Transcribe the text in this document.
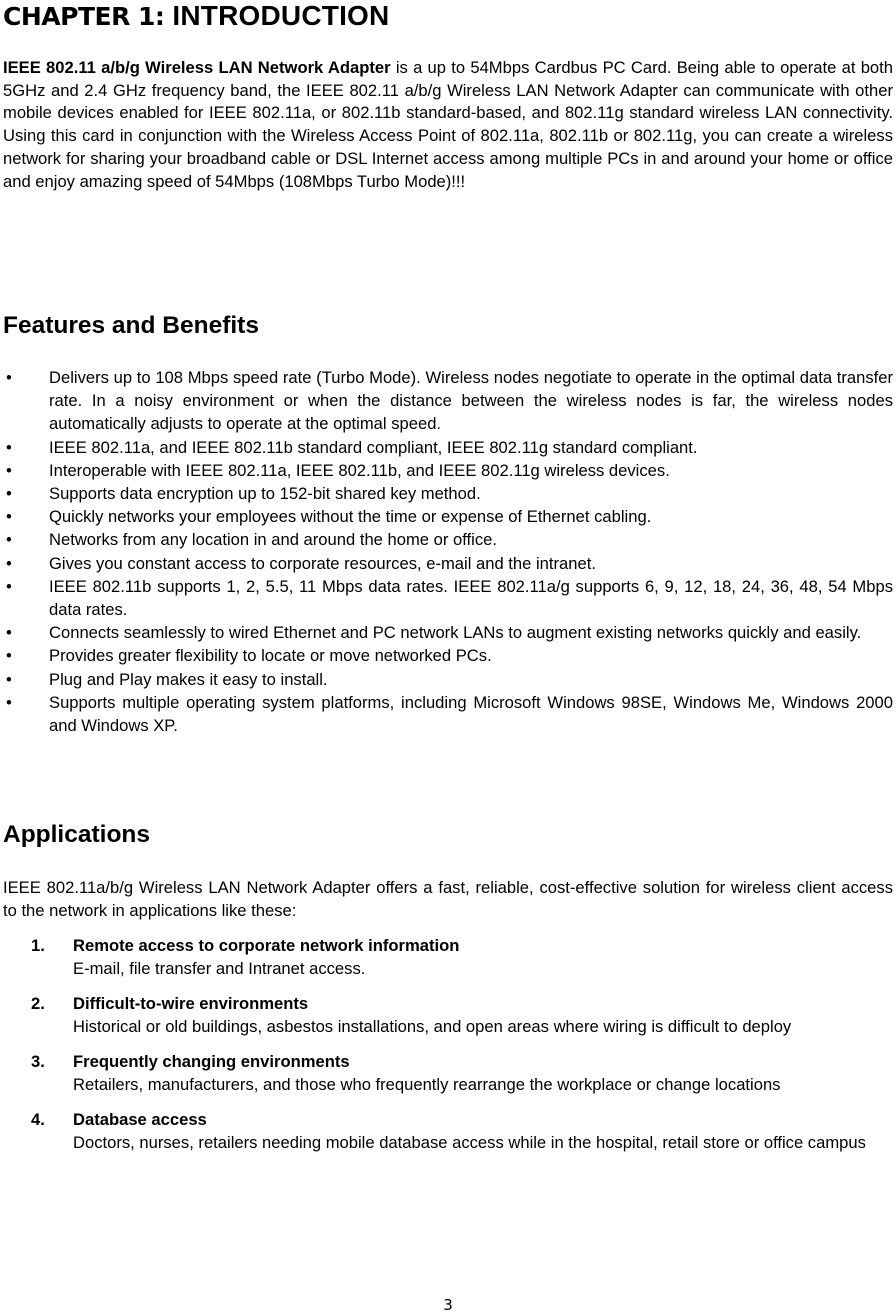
CHAPTER 1: INTRODUCTION

IEEE 802.11 a/b/g Wireless LAN Network Adapter is a up to 54Mbps Cardbus PC Card. Being able to operate at both 5GHz and 2.4 GHz frequency band, the IEEE 802.11 a/b/g Wireless LAN Network Adapter can communicate with other mobile devices enabled for IEEE 802.11a, or 802.11b standard-based, and 802.11g standard wireless LAN connectivity. Using this card in conjunction with the Wireless Access Point of 802.11a, 802.11b or 802.11g, you can create a wireless network for sharing your broadband cable or DSL Internet access among multiple PCs in and around your home or office and enjoy amazing speed of 54Mbps (108Mbps Turbo Mode)!!!

Features and Benefits
• Delivers up to 108 Mbps speed rate (Turbo Mode). Wireless nodes negotiate to operate in the optimal data transfer rate. In a noisy environment or when the distance between the wireless nodes is far, the wireless nodes automatically adjusts to operate at the optimal speed.
• IEEE 802.11a, and IEEE 802.11b standard compliant, IEEE 802.11g standard compliant.
• Interoperable with IEEE 802.11a, IEEE 802.11b, and IEEE 802.11g wireless devices.
• Supports data encryption up to 152-bit shared key method.
• Quickly networks your employees without the time or expense of Ethernet cabling.
• Networks from any location in and around the home or office.
• Gives you constant access to corporate resources, e-mail and the intranet.
• IEEE 802.11b supports 1, 2, 5.5, 11 Mbps data rates. IEEE 802.11a/g supports 6, 9, 12, 18, 24, 36, 48, 54 Mbps data rates.
• Connects seamlessly to wired Ethernet and PC network LANs to augment existing networks quickly and easily.
• Provides greater flexibility to locate or move networked PCs.
• Plug and Play makes it easy to install.
• Supports multiple operating system platforms, including Microsoft Windows 98SE, Windows Me, Windows 2000 and Windows XP.
Applications

IEEE 802.11a/b/g Wireless LAN Network Adapter offers a fast, reliable, cost-effective solution for wireless client access to the network in applications like these:

1. Remote access to corporate network information
E-mail, file transfer and Intranet access.
2. Difficult-to-wire environments
Historical or old buildings, asbestos installations, and open areas where wiring is difficult to deploy
3. Frequently changing environments
Retailers, manufacturers, and those who frequently rearrange the workplace or change locations
4. Database access
Doctors, nurses, retailers needing mobile database access while in the hospital, retail store or office campus
3
